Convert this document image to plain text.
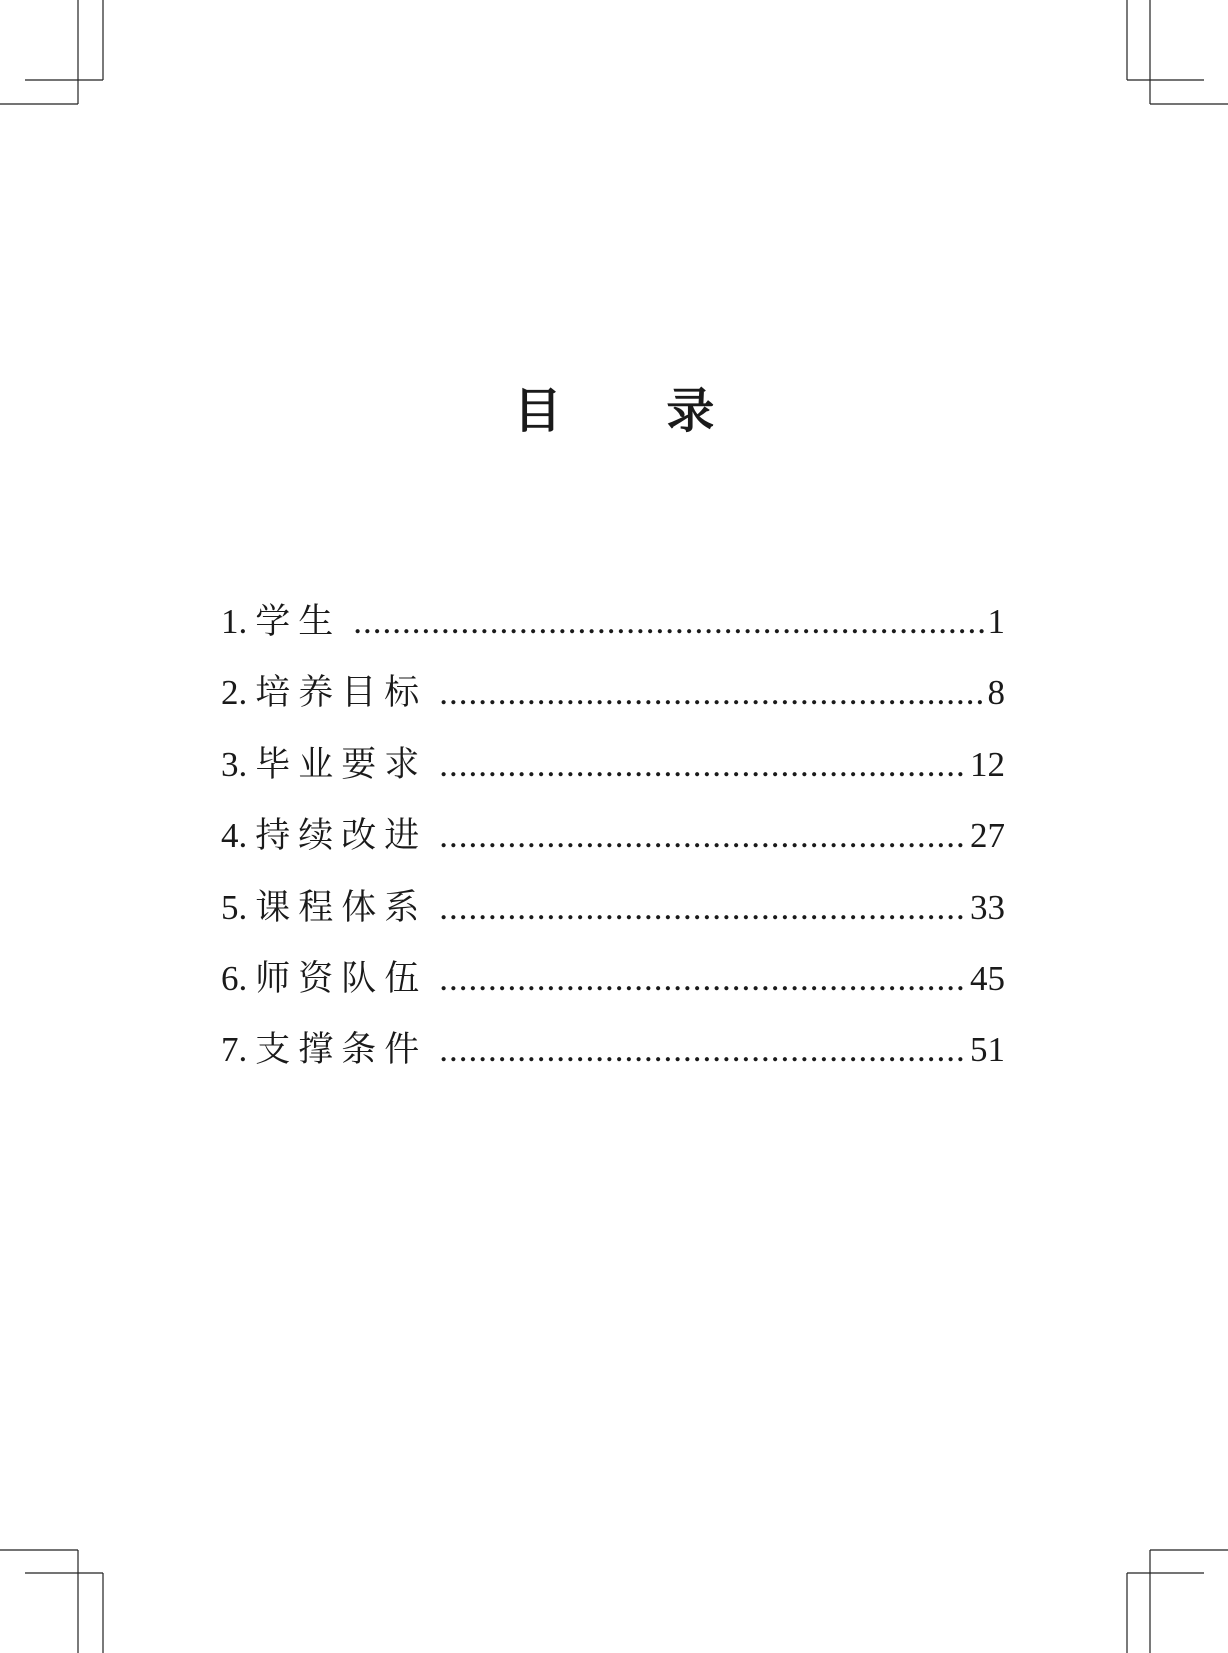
目 录
1. 学生 .....	1
2. 培养目标 .....	8
3. 毕业要求 .....	12
4. 持续改进 .....	27
5. 课程体系 .....	33
6. 师资队伍 .....	45
7. 支撑条件 .....	51
